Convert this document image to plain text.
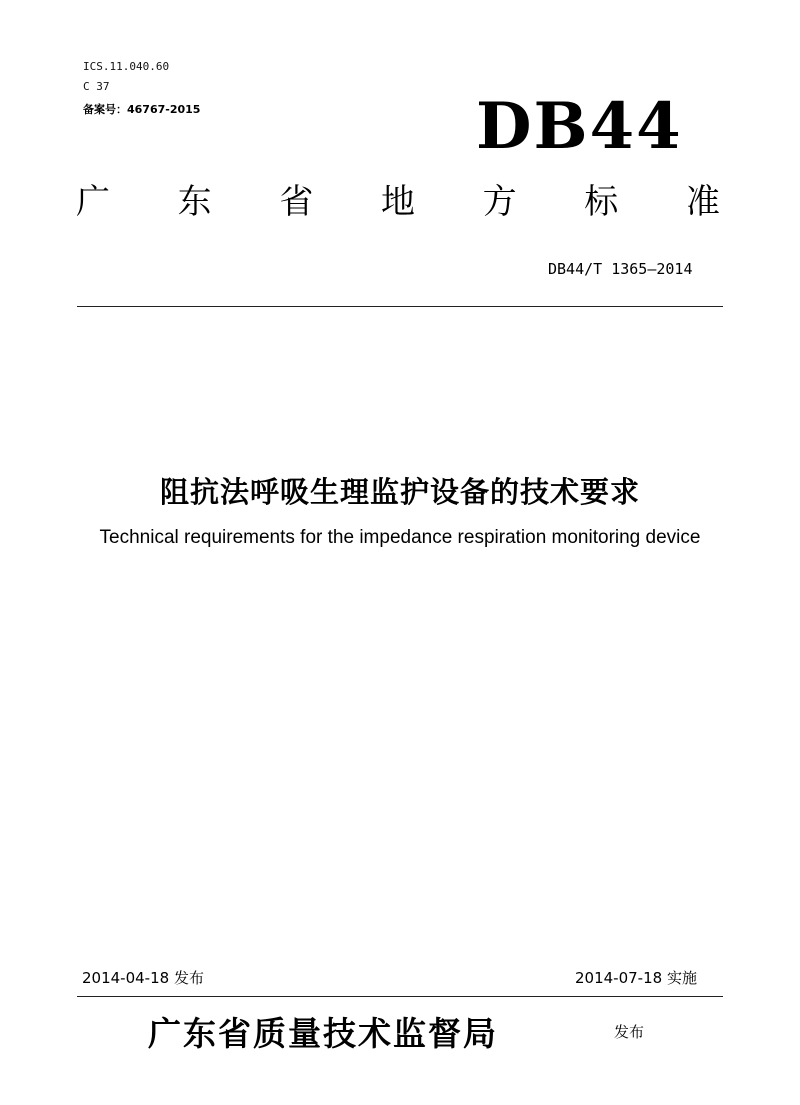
ICS.11.040.60
C 37
备案号：46767-2015	DB44
广 东 省 地 方 标 准
DB44/T 1365—2014
阻抗法呼吸生理监护设备的技术要求
Technical requirements for the impedance respiration monitoring device
2014-04-18 发布	2014-07-18 实施
广东省质量技术监督局	发布
